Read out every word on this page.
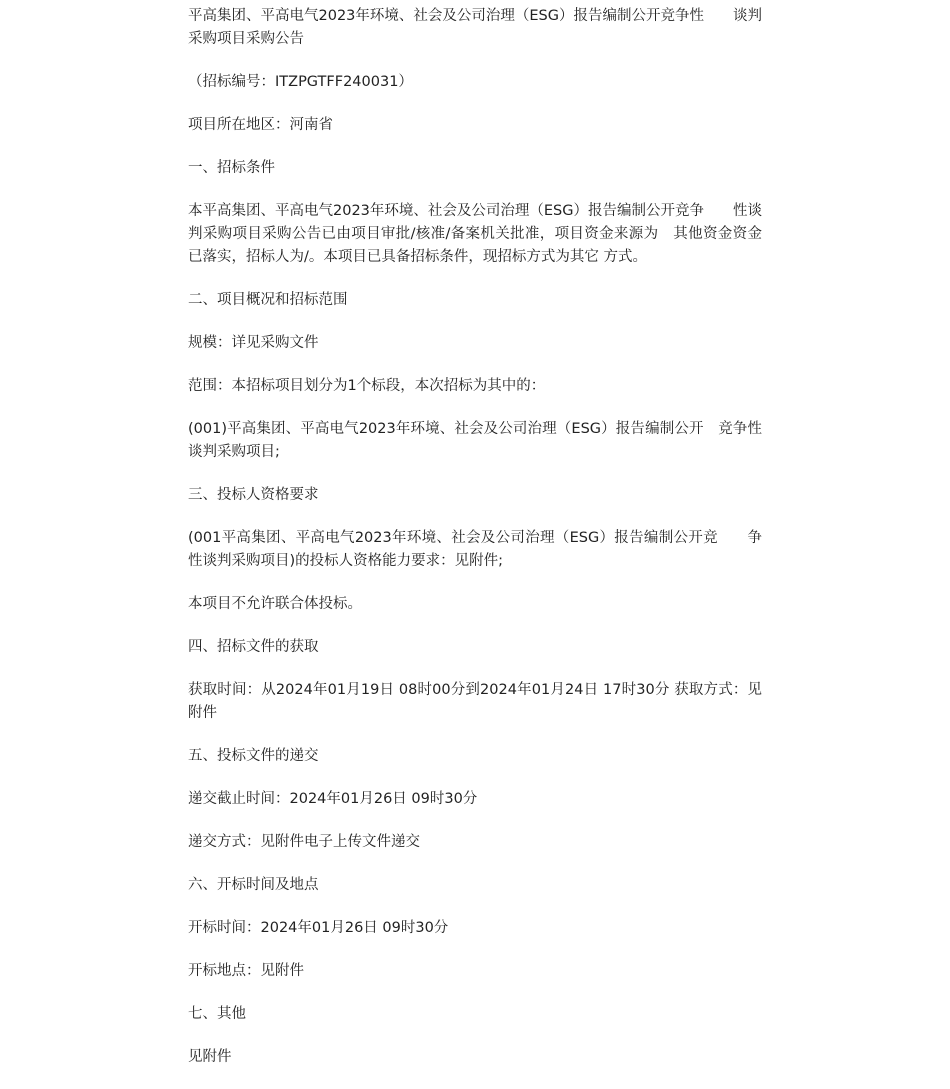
平高集团、平高电气2023年环境、社会及公司治理（ESG）报告编制公开竞争性　　谈判采购项目采购公告

（招标编号：ITZPGTFF240031）

项目所在地区：河南省

一、招标条件

本平高集团、平高电气2023年环境、社会及公司治理（ESG）报告编制公开竞争　　性谈判采购项目采购公告已由项目审批/核准/备案机关批准，项目资金来源为　其他资金资金已落实，招标人为/。本项目已具备招标条件，现招标方式为其它 方式。

二、项目概况和招标范围

规模：详见采购文件

范围：本招标项目划分为1个标段，本次招标为其中的：

(001)平高集团、平高电气2023年环境、社会及公司治理（ESG）报告编制公开　竞争性谈判采购项目;

三、投标人资格要求

(001平高集团、平高电气2023年环境、社会及公司治理（ESG）报告编制公开竞　　争性谈判采购项目)的投标人资格能力要求：见附件;

本项目不允许联合体投标。

四、招标文件的获取

获取时间：从2024年01月19日 08时00分到2024年01月24日 17时30分 获取方式：见附件

五、投标文件的递交

递交截止时间：2024年01月26日 09时30分

递交方式：见附件电子上传文件递交

六、开标时间及地点

开标时间：2024年01月26日 09时30分

开标地点：见附件

七、其他

见附件
